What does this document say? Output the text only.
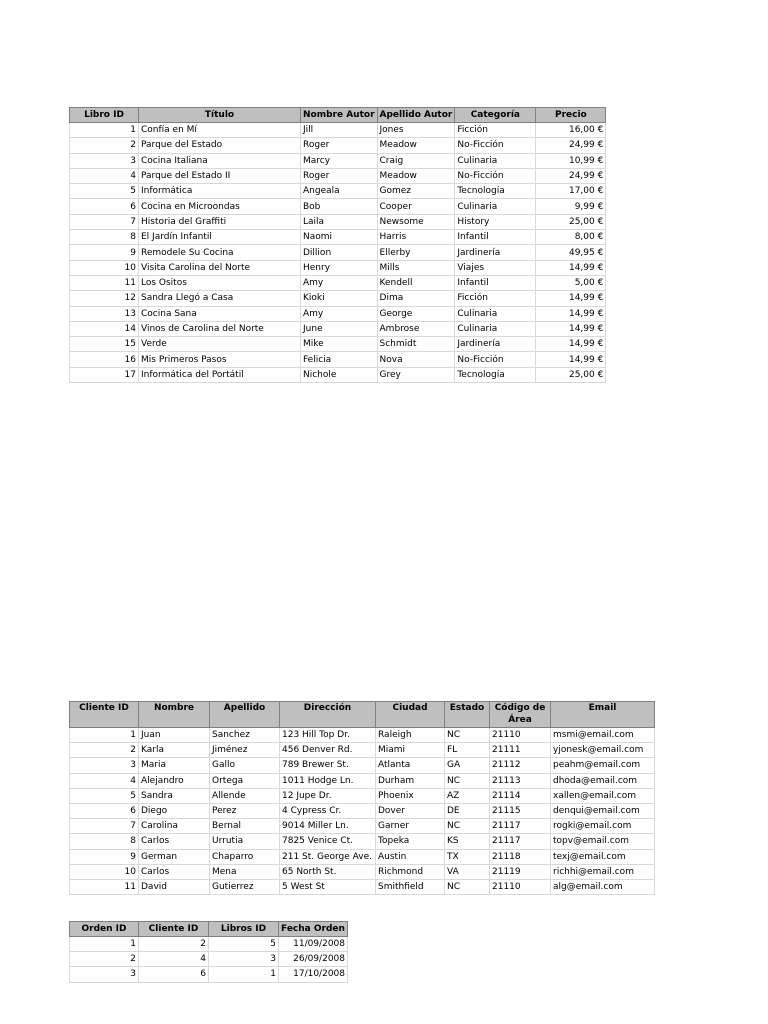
Libro ID	Título	Nombre Autor	Apellido Autor	Categoría	Precio
1	Confía en Mí	Jill	Jones	Ficción	16,00 €
2	Parque del Estado	Roger	Meadow	No-Ficción	24,99 €
3	Cocina Italiana	Marcy	Craig	Culinaria	10,99 €
4	Parque del Estado II	Roger	Meadow	No-Ficción	24,99 €
5	Informática	Angeala	Gomez	Tecnología	17,00 €
6	Cocina en Microondas	Bob	Cooper	Culinaria	9,99 €
7	Historia del Graffiti	Laila	Newsome	History	25,00 €
8	El Jardín Infantil	Naomi	Harris	Infantil	8,00 €
9	Remodele Su Cocina	Dillion	Ellerby	Jardinería	49,95 €
10	Visita Carolina del Norte	Henry	Mills	Viajes	14,99 €
11	Los Ositos	Amy	Kendell	Infantil	5,00 €
12	Sandra Llegó a Casa	Kioki	Dima	Ficción	14,99 €
13	Cocina Sana	Amy	George	Culinaria	14,99 €
14	Vinos de Carolina del Norte	June	Ambrose	Culinaria	14,99 €
15	Verde	Mike	Schmidt	Jardinería	14,99 €
16	Mis Primeros Pasos	Felicia	Nova	No-Ficción	14,99 €
17	Informática del Portátil	Nichole	Grey	Tecnología	25,00 €
Cliente ID	Nombre	Apellido	Dirección	Ciudad	Estado	Código de Área	Email
1	Juan	Sanchez	123 Hill Top Dr.	Raleigh	NC	21110	msmi@email.com
2	Karla	Jiménez	456 Denver Rd.	Miami	FL	21111	yjonesk@email.com
3	Maria	Gallo	789 Brewer St.	Atlanta	GA	21112	peahm@email.com
4	Alejandro	Ortega	1011 Hodge Ln.	Durham	NC	21113	dhoda@email.com
5	Sandra	Allende	12 Jupe Dr.	Phoenix	AZ	21114	xallen@email.com
6	Diego	Perez	4 Cypress Cr.	Dover	DE	21115	denqui@email.com
7	Carolina	Bernal	9014 Miller Ln.	Garner	NC	21117	rogki@email.com
8	Carlos	Urrutia	7825 Venice Ct.	Topeka	KS	21117	topv@email.com
9	German	Chaparro	211 St. George Ave.	Austin	TX	21118	texj@email.com
10	Carlos	Mena	65 North St.	Richmond	VA	21119	richhi@email.com
11	David	Gutierrez	5 West St	Smithfield	NC	21110	alg@email.com
Orden ID	Cliente ID	Libros ID	Fecha Orden
1	2	5	11/09/2008
2	4	3	26/09/2008
3	6	1	17/10/2008
